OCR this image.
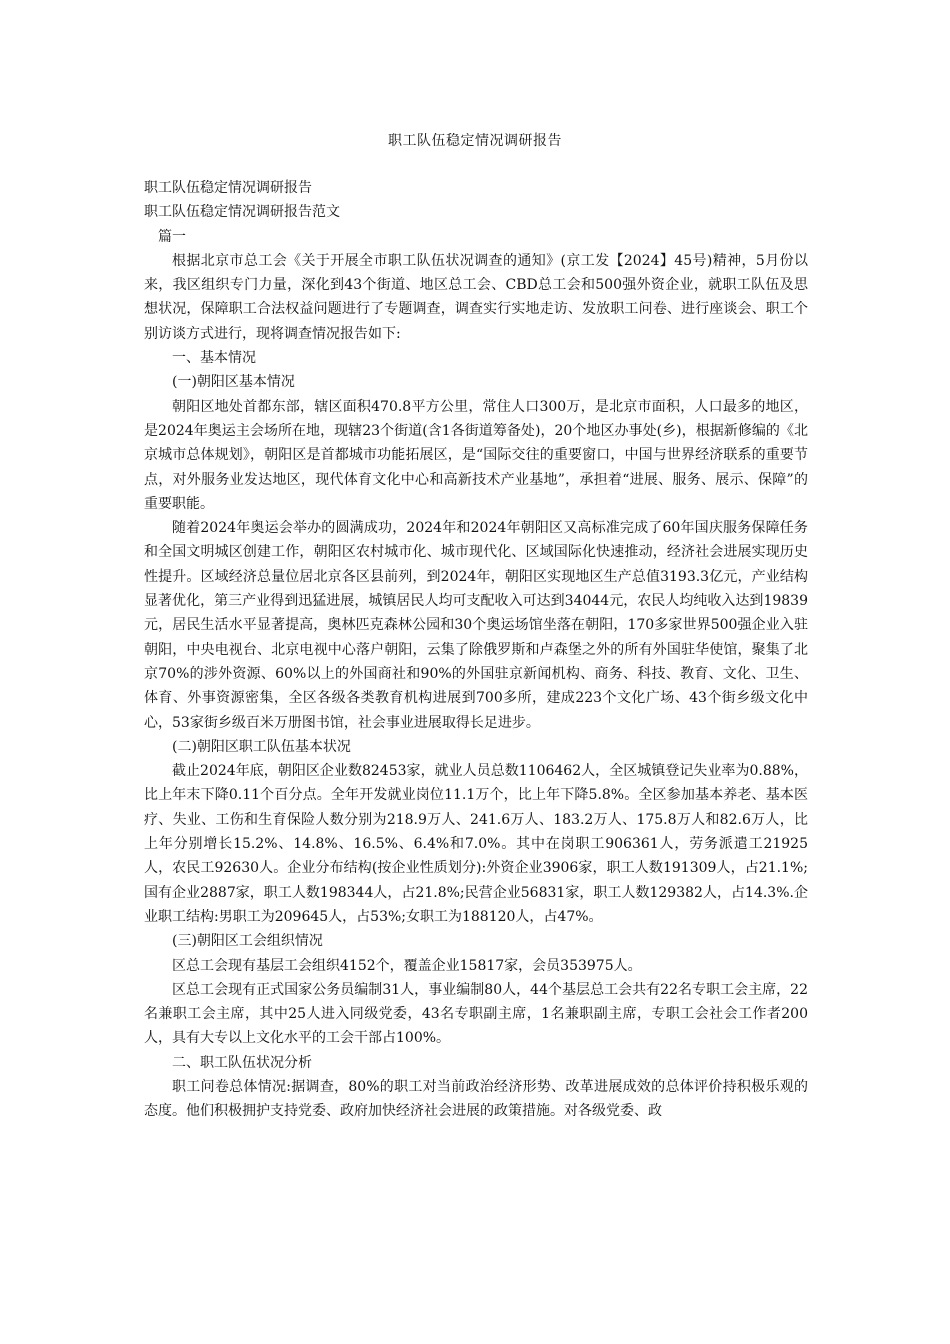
职工队伍稳定情况调研报告

职工队伍稳定情况调研报告

职工队伍稳定情况调研报告范文

篇一

根据北京市总工会《关于开展全市职工队伍状况调查的通知》(京工发【2024】45号)精神，5月份以来，我区组织专门力量，深化到43个街道、地区总工会、CBD总工会和500强外资企业，就职工队伍及思想状况，保障职工合法权益问题进行了专题调查，调查实行实地走访、发放职工问卷、进行座谈会、职工个别访谈方式进行，现将调查情况报告如下:

一、基本情况

(一)朝阳区基本情况

朝阳区地处首都东部，辖区面积470.8平方公里，常住人口300万，是北京市面积，人口最多的地区，是2024年奥运主会场所在地，现辖23个街道(含1各街道筹备处)，20个地区办事处(乡)，根据新修编的《北京城市总体规划》，朝阳区是首都城市功能拓展区，是“国际交往的重要窗口，中国与世界经济联系的重要节点，对外服务业发达地区，现代体育文化中心和高新技术产业基地”，承担着“进展、服务、展示、保障”的重要职能。

随着2024年奥运会举办的圆满成功，2024年和2024年朝阳区又高标准完成了60年国庆服务保障任务和全国文明城区创建工作，朝阳区农村城市化、城市现代化、区域国际化快速推动，经济社会进展实现历史性提升。区域经济总量位居北京各区县前列，到2024年，朝阳区实现地区生产总值3193.3亿元，产业结构显著优化，第三产业得到迅猛进展，城镇居民人均可支配收入可达到34044元，农民人均纯收入达到19839元，居民生活水平显著提高，奥林匹克森林公园和30个奥运场馆坐落在朝阳，170多家世界500强企业入驻朝阳，中央电视台、北京电视中心落户朝阳，云集了除俄罗斯和卢森堡之外的所有外国驻华使馆，聚集了北京70%的涉外资源、60%以上的外国商社和90%的外国驻京新闻机构、商务、科技、教育、文化、卫生、体育、外事资源密集，全区各级各类教育机构进展到700多所，建成223个文化广场、43个街乡级文化中心，53家街乡级百米万册图书馆，社会事业进展取得长足进步。

(二)朝阳区职工队伍基本状况

截止2024年底，朝阳区企业数82453家，就业人员总数1106462人，全区城镇登记失业率为0.88%，比上年末下降0.11个百分点。全年开发就业岗位11.1万个，比上年下降5.8%。全区参加基本养老、基本医疗、失业、工伤和生育保险人数分别为218.9万人、241.6万人、183.2万人、175.8万人和82.6万人，比上年分别增长15.2%、14.8%、16.5%、6.4%和7.0%。其中在岗职工906361人，劳务派遣工21925人，农民工92630人。企业分布结构(按企业性质划分):外资企业3906家，职工人数191309人，占21.1%;国有企业2887家，职工人数198344人，占21.8%;民营企业56831家，职工人数129382人，占14.3%.企业职工结构:男职工为209645人，占53%;女职工为188120人，占47%。

(三)朝阳区工会组织情况

区总工会现有基层工会组织4152个，覆盖企业15817家，会员353975人。

区总工会现有正式国家公务员编制31人，事业编制80人，44个基层总工会共有22名专职工会主席，22名兼职工会主席，其中25人进入同级党委，43名专职副主席，1名兼职副主席，专职工会社会工作者200人，具有大专以上文化水平的工会干部占100%。

二、职工队伍状况分析

职工问卷总体情况:据调查，80%的职工对当前政治经济形势、改革进展成效的总体评价持积极乐观的态度。他们积极拥护支持党委、政府加快经济社会进展的政策措施。对各级党委、政
